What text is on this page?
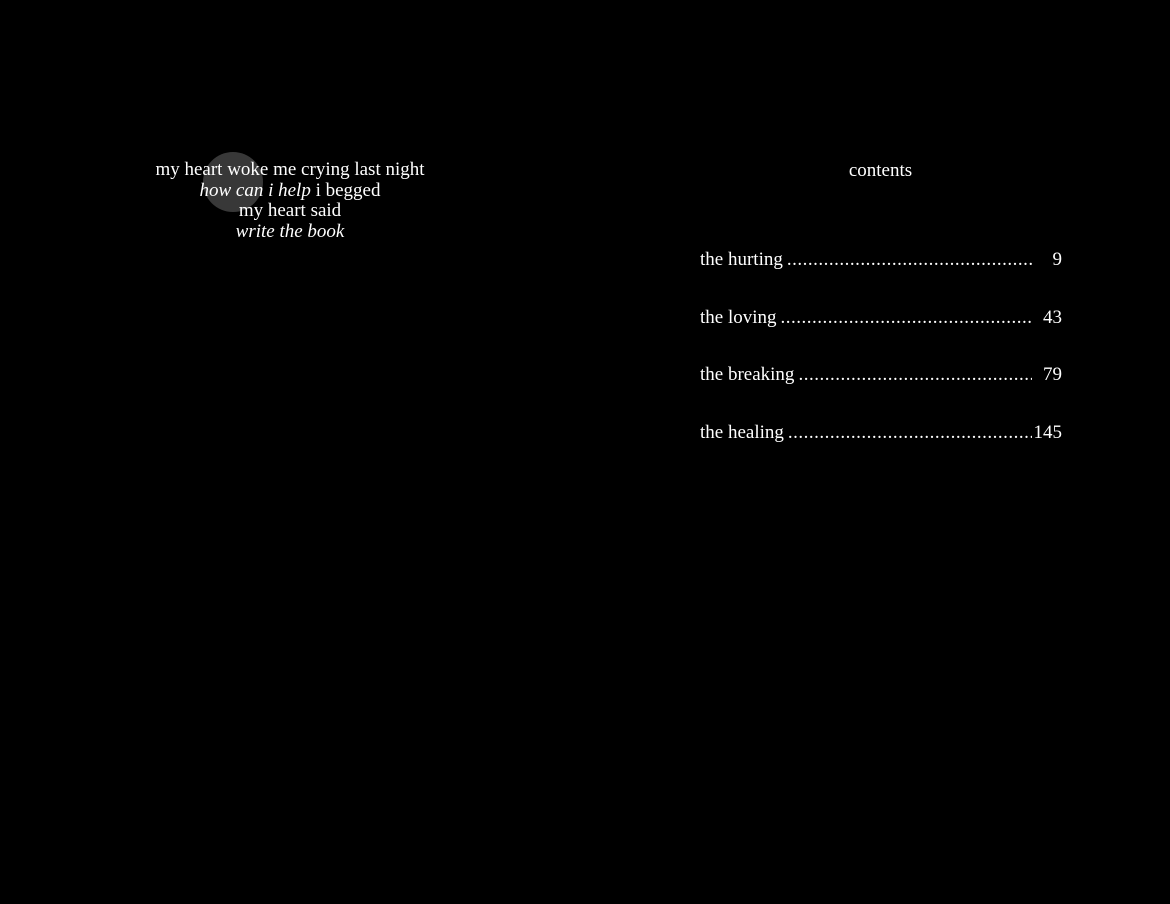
my heart woke me crying last night
how can i help i begged
my heart said
write the book
contents
the hurting .....	9
the loving .....	43
the breaking .....	79
the healing .....	145
